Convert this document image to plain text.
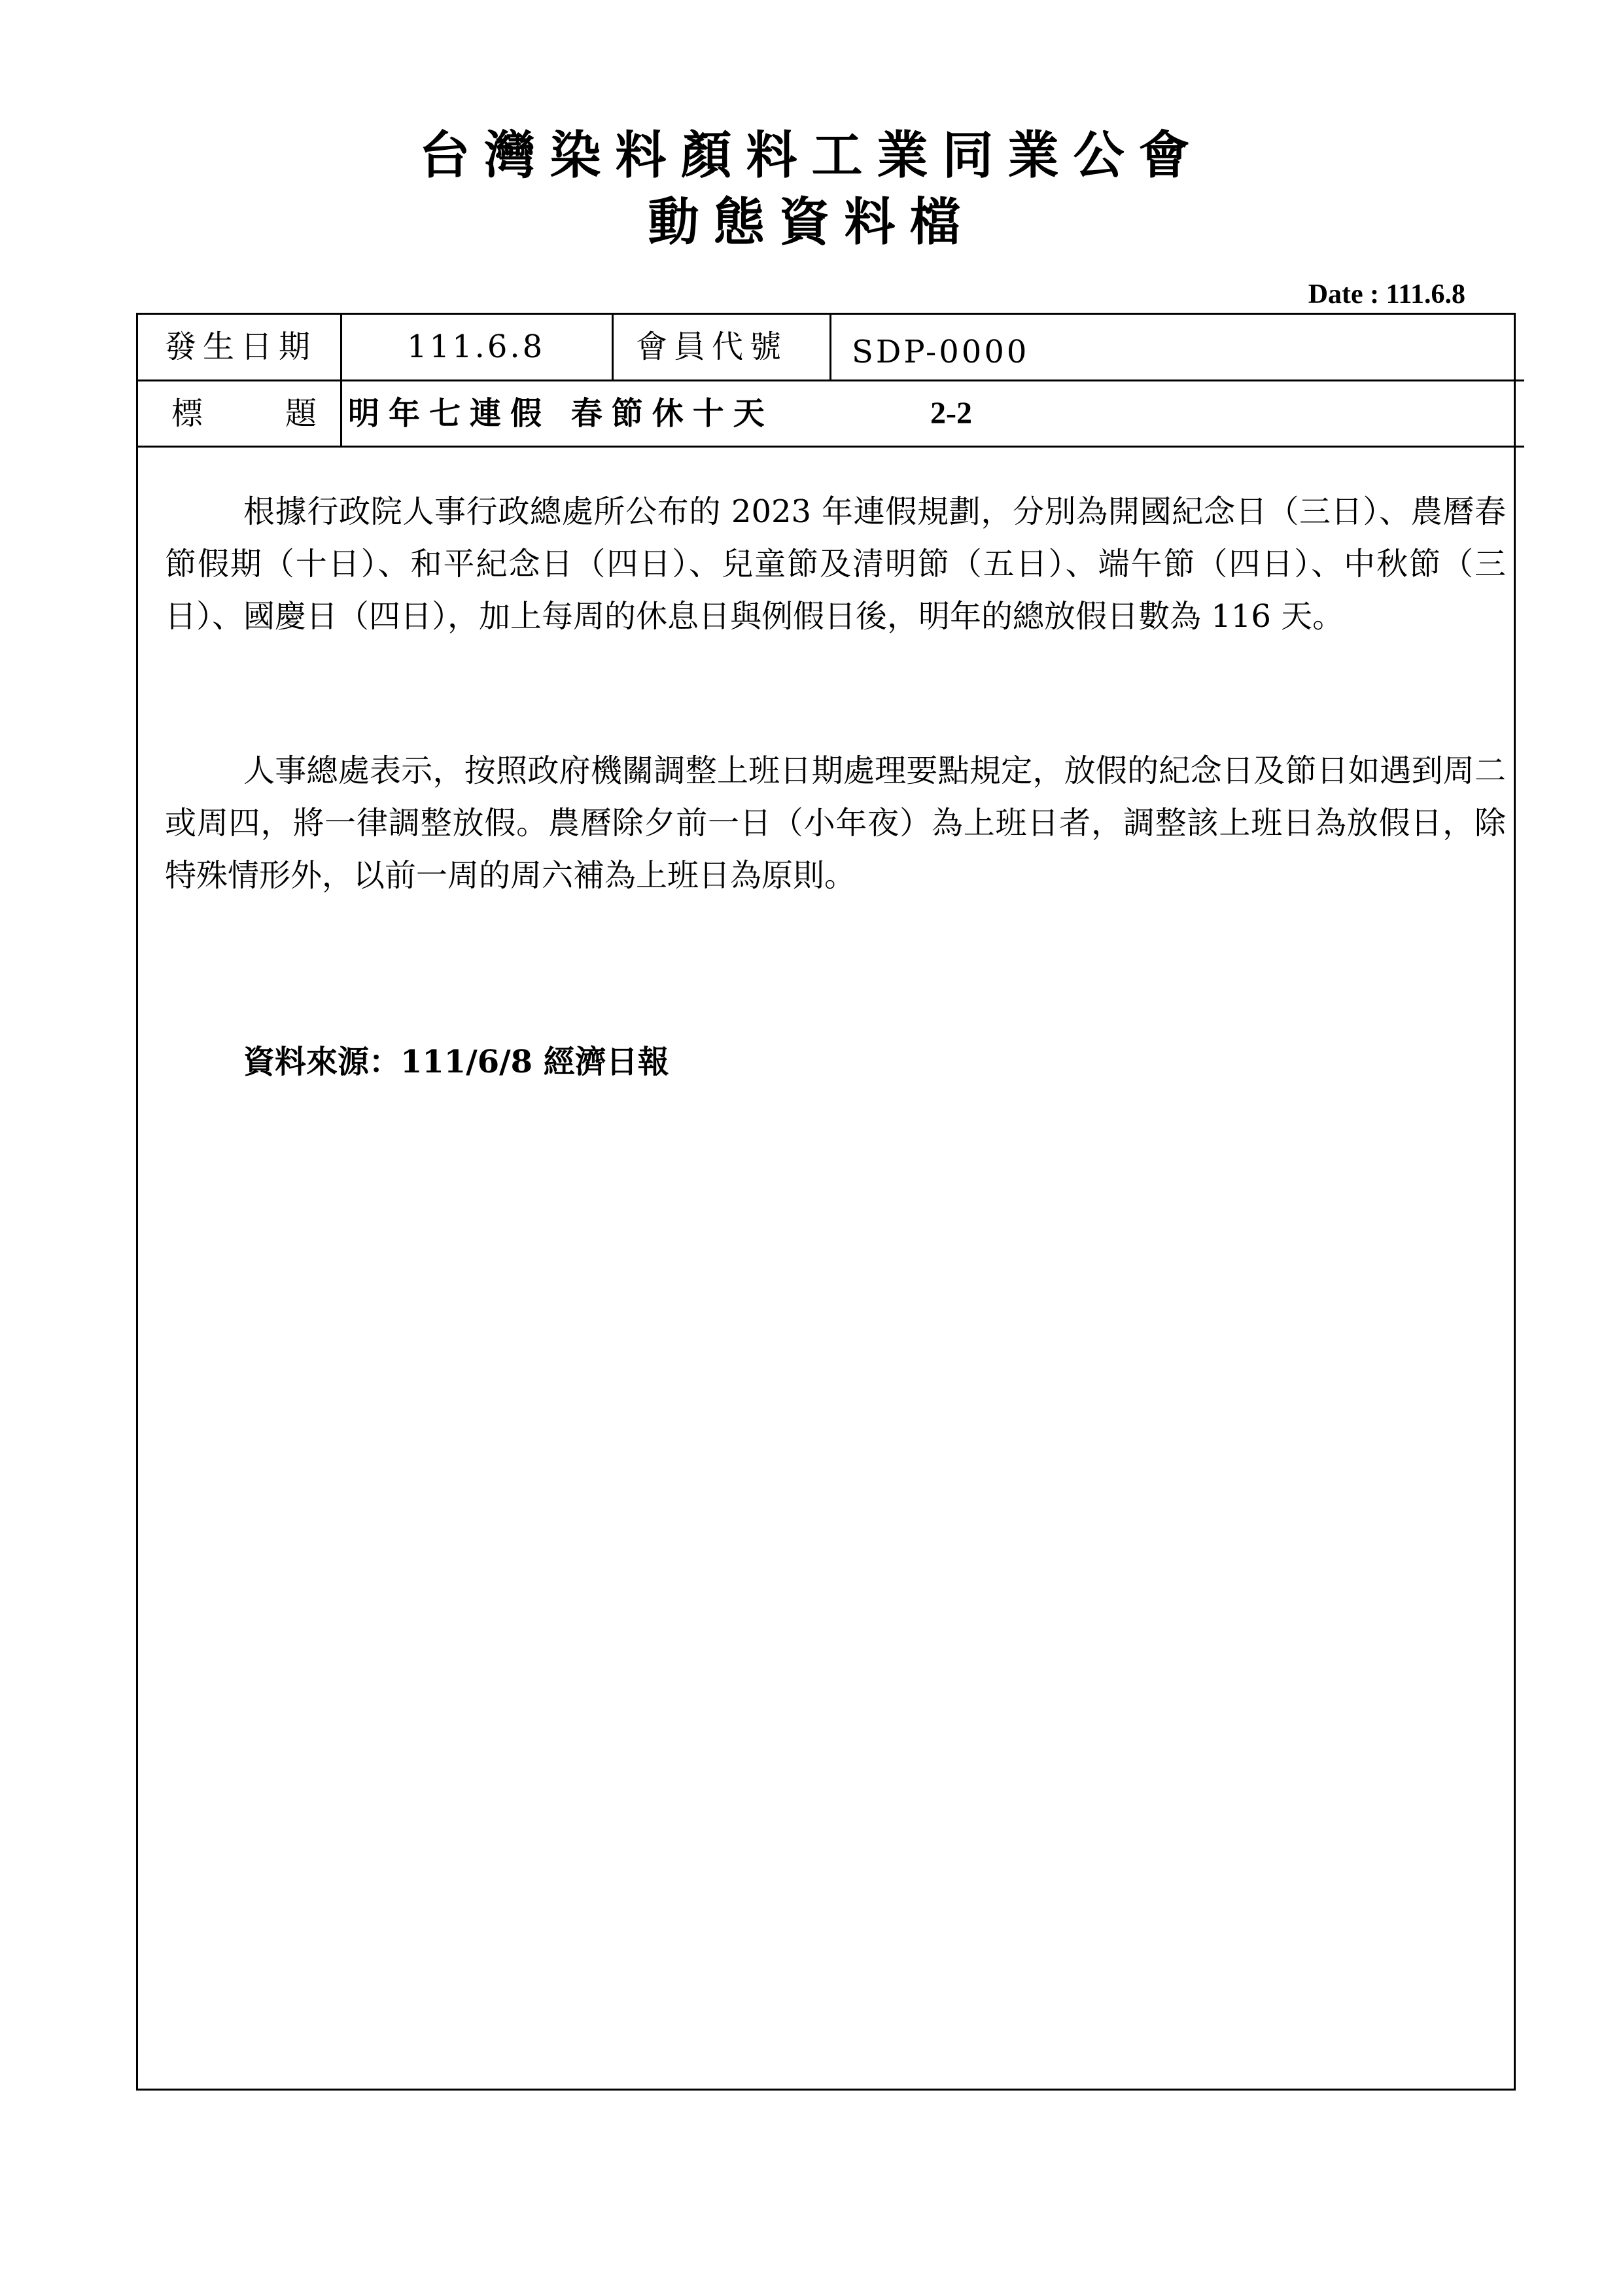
台灣染料顏料工業同業公會
動態資料檔
Date : 111.6.8
發生日期	111.6.8	會員代號 SDP-0000
標　　題 明年七連假 春節休十天	2-2

根據行政院人事行政總處所公布的 2023 年連假規劃，分別為開國紀念日（三日）、農曆春節假期（十日）、和平紀念日（四日）、兒童節及清明節（五日）、端午節（四日）、中秋節（三日）、國慶日（四日），加上每周的休息日與例假日後，明年的總放假日數為 116 天。

人事總處表示，按照政府機關調整上班日期處理要點規定，放假的紀念日及節日如遇到周二或周四，將一律調整放假。農曆除夕前一日（小年夜）為上班日者，調整該上班日為放假日，除特殊情形外，以前一周的周六補為上班日為原則。

資料來源：111/6/8 經濟日報
